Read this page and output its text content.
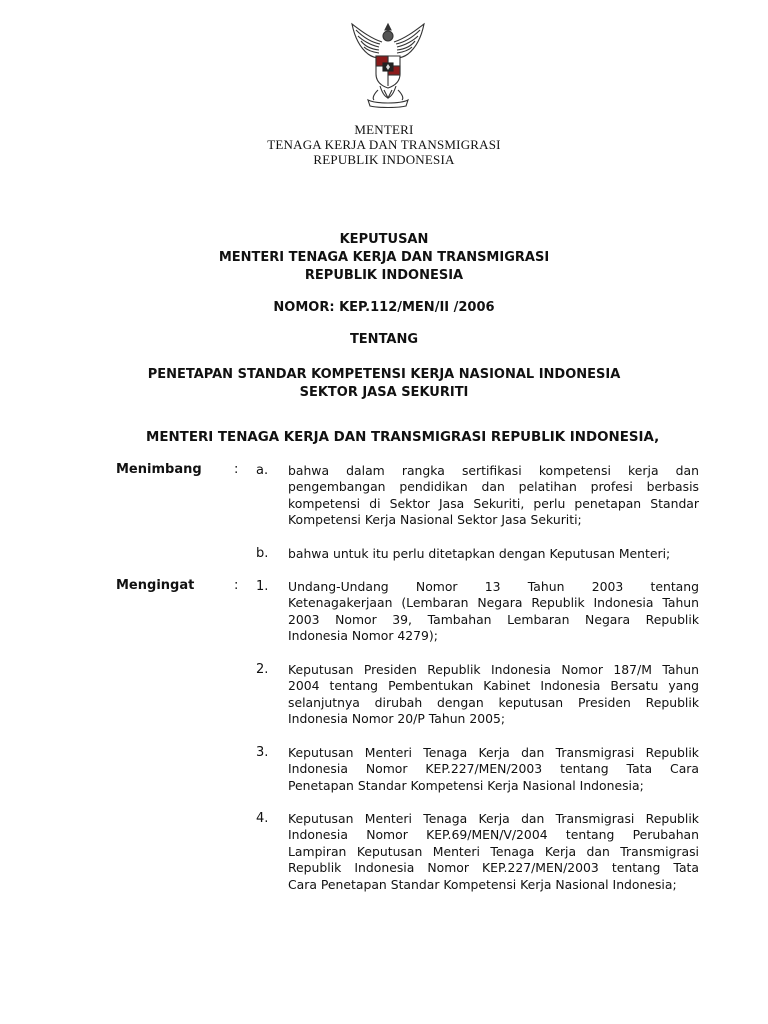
MENTERI
TENAGA KERJA DAN TRANSMIGRASI
REPUBLIK INDONESIA
KEPUTUSAN
MENTERI TENAGA KERJA DAN TRANSMIGRASI
REPUBLIK INDONESIA
NOMOR: KEP.112/MEN/II /2006
TENTANG
PENETAPAN STANDAR KOMPETENSI KERJA NASIONAL INDONESIA
SEKTOR JASA SEKURITI
MENTERI TENAGA KERJA DAN TRANSMIGRASI REPUBLIK INDONESIA,
Menimbang : a. bahwa dalam rangka sertifikasi kompetensi kerja dan
pengembangan pendidikan dan pelatihan profesi berbasis
kompetensi di Sektor Jasa Sekuriti, perlu penetapan Standar
Kompetensi Kerja Nasional Sektor Jasa Sekuriti;
b. bahwa untuk itu perlu ditetapkan dengan Keputusan Menteri;
Mengingat	: 1. Undang-Undang Nomor 13 Tahun 2003 tentang
Ketenagakerjaan (Lembaran Negara Republik Indonesia Tahun
2003 Nomor 39, Tambahan Lembaran Negara Republik
Indonesia Nomor 4279);
2. Keputusan Presiden Republik Indonesia Nomor 187/M Tahun
2004 tentang Pembentukan Kabinet Indonesia Bersatu yang
selanjutnya dirubah dengan keputusan Presiden Republik
Indonesia Nomor 20/P Tahun 2005;
3. Keputusan Menteri Tenaga Kerja dan Transmigrasi Republik
Indonesia Nomor KEP.227/MEN/2003 tentang Tata Cara
Penetapan Standar Kompetensi Kerja Nasional Indonesia;
4. Keputusan Menteri Tenaga Kerja dan Transmigrasi Republik
Indonesia Nomor KEP.69/MEN/V/2004 tentang Perubahan
Lampiran Keputusan Menteri Tenaga Kerja dan Transmigrasi
Republik Indonesia Nomor KEP.227/MEN/2003 tentang Tata
Cara Penetapan Standar Kompetensi Kerja Nasional Indonesia;
